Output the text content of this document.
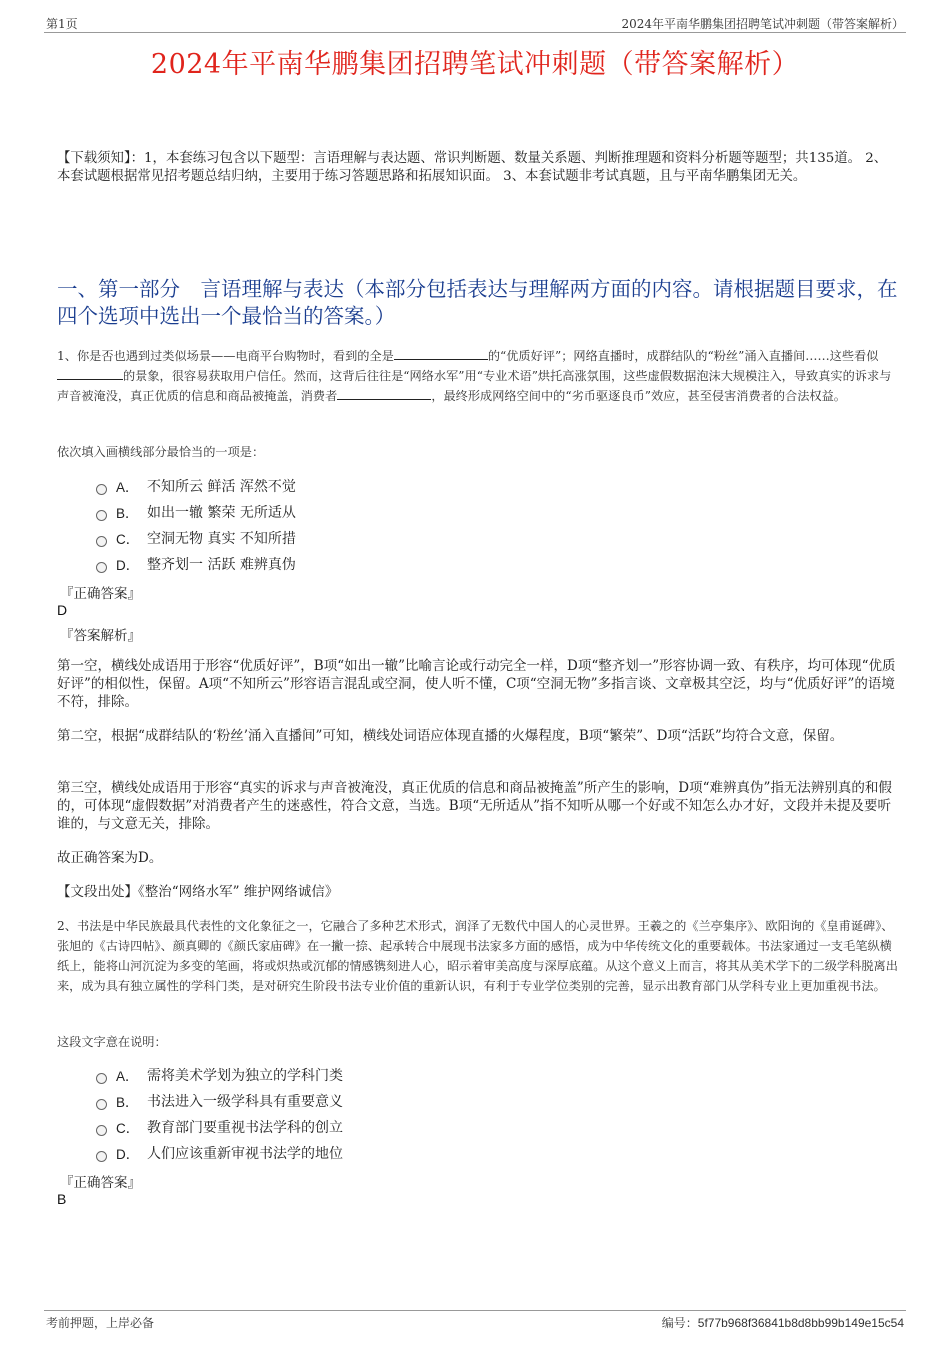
第1页	2024年平南华鹏集团招聘笔试冲刺题（带答案解析）
2024年平南华鹏集团招聘笔试冲刺题（带答案解析）
【下载须知】：1，本套练习包含以下题型：言语理解与表达题、常识判断题、数量关系题、判断推理题和资料分析题等题型；共135道。 2、本套试题根据常见招考题总结归纳，主要用于练习答题思路和拓展知识面。 3、本套试题非考试真题，且与平南华鹏集团无关。
一、第一部分　言语理解与表达（本部分包括表达与理解两方面的内容。请根据题目要求，在四个选项中选出一个最恰当的答案。）
1、你是否也遇到过类似场景——电商平台购物时，看到的全是	的“优质好评”；网络直播时，成群结队的“粉丝”涌入直播间……这些看似的景象，很容易获取用户信任。然而，这背后往往是“网络水军”用“专业术语”烘托高涨氛围，这些虚假数据泡沫大规模注入，导致真实的诉求与声音被淹没，真正优质的信息和商品被掩盖，消费者	，最终形成网络空间中的“劣币驱逐良币”效应，甚至侵害消费者的合法权益。
依次填入画横线部分最恰当的一项是：
A． 不知所云 鲜活 浑然不觉
B． 如出一辙 繁荣 无所适从
C． 空洞无物 真实 不知所措
D． 整齐划一 活跃 难辨真伪
『正确答案』
D
『答案解析』
第一空，横线处成语用于形容“优质好评”，B项“如出一辙”比喻言论或行动完全一样，D项“整齐划一”形容协调一致、有秩序，均可体现“优质好评”的相似性，保留。A项“不知所云”形容语言混乱或空洞，使人听不懂，C项“空洞无物”多指言谈、文章极其空泛，均与“优质好评”的语境不符，排除。
第二空，根据“成群结队的‘粉丝’涌入直播间”可知，横线处词语应体现直播的火爆程度，B项“繁荣”、D项“活跃”均符合文意，保留。
第三空，横线处成语用于形容“真实的诉求与声音被淹没，真正优质的信息和商品被掩盖”所产生的影响，D项“难辨真伪”指无法辨别真的和假的，可体现“虚假数据”对消费者产生的迷惑性，符合文意，当选。B项“无所适从”指不知听从哪一个好或不知怎么办才好，文段并未提及要听谁的，与文意无关，排除。
故正确答案为D。
【文段出处】《整治“网络水军” 维护网络诚信》
2、书法是中华民族最具代表性的文化象征之一，它融合了多种艺术形式，润泽了无数代中国人的心灵世界。王羲之的《兰亭集序》、欧阳询的《皇甫诞碑》、张旭的《古诗四帖》、颜真卿的《颜氏家庙碑》在一撇一捺、起承转合中展现书法家多方面的感悟，成为中华传统文化的重要载体。书法家通过一支毛笔纵横纸上，能将山河沉淀为多变的笔画，将或炽热或沉郁的情感镌刻进人心，昭示着审美高度与深厚底蕴。从这个意义上而言，将其从美术学下的二级学科脱离出来，成为具有独立属性的学科门类，是对研究生阶段书法专业价值的重新认识，有利于专业学位类别的完善，显示出教育部门从学科专业上更加重视书法。
这段文字意在说明：
A． 需将美术学划为独立的学科门类
B． 书法进入一级学科具有重要意义
C． 教育部门要重视书法学科的创立
D． 人们应该重新审视书法学的地位
『正确答案』
B
考前押题，上岸必备	编号：5f77b968f36841b8d8bb99b149e15c54
